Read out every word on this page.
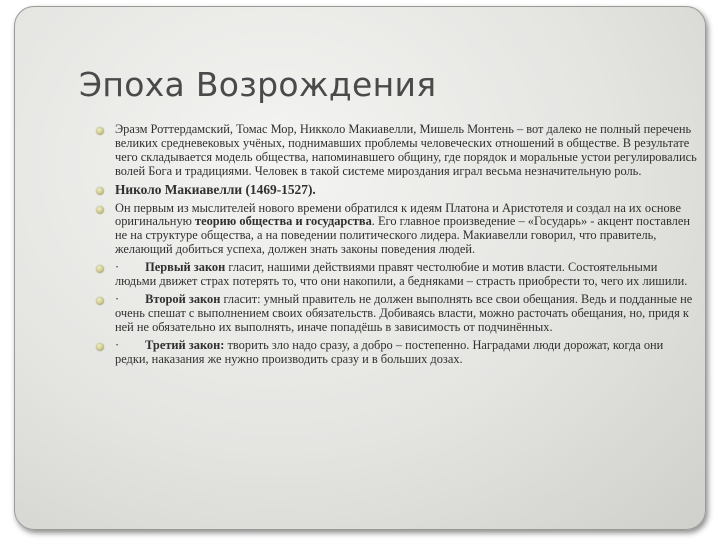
Эпоха Возрождения
Эразм Роттердамский, Томас Мор, Никколо Макиавелли, Мишель Монтень – вот далеко не полный перечень великих средневековых учёных, поднимавших проблемы человеческих отношений в обществе. В результате чего складывается модель общества, напоминавшего общину, где порядок и моральные устои регулировались волей Бога и традициями. Человек в такой системе мироздания играл весьма незначительную роль.
Николо Макиавелли (1469-1527).
Он первым из мыслителей нового времени обратился к идеям Платона и Аристотеля и создал на их основе оригинальную теорию общества и государства. Его главное произведение – «Государь» - акцент поставлен не на структуре общества, а на поведении политического лидера. Макиавелли говорил, что правитель, желающий добиться успеха, должен знать законы поведения людей.
· Первый закон гласит, нашими действиями правят честолюбие и мотив власти. Состоятельными людьми движет страх потерять то, что они накопили, а бедняками – страсть приобрести то, чего их лишили.
· Второй закон гласит: умный правитель не должен выполнять все свои обещания. Ведь и подданные не очень спешат с выполнением своих обязательств. Добиваясь власти, можно расточать обещания, но, придя к ней не обязательно их выполнять, иначе попадёшь в зависимость от подчинённых.
· Третий закон: творить зло надо сразу, а добро – постепенно. Наградами люди дорожат, когда они редки, наказания же нужно производить сразу и в больших дозах.
